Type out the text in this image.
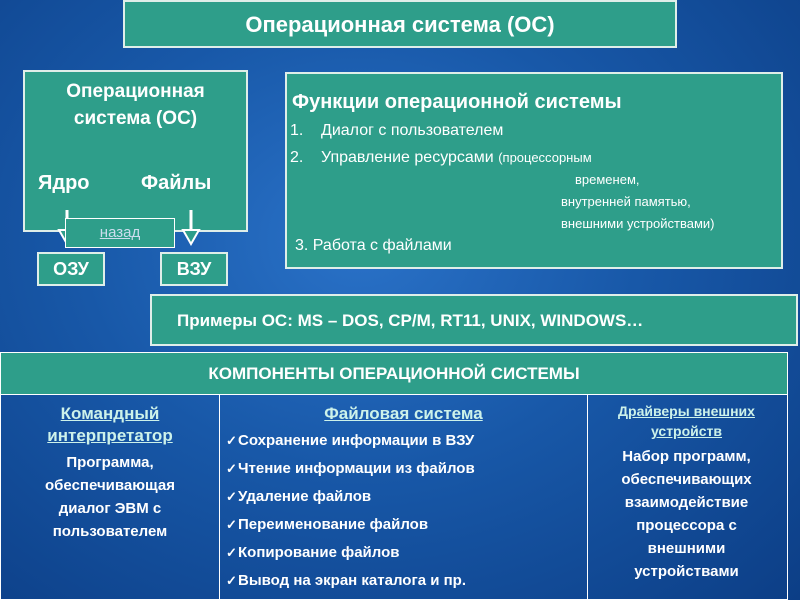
Операционная система (ОС)
Операционная
система (ОС)
Ядро	Файлы
ОЗУ	ВЗУ
Функции операционной системы
1. Диалог с пользователем
2. Управление ресурсами (процессорным
временем,
внутренней памятью,
внешними устройствами)
3. Работа с файлами
Примеры ОС: MS – DOS, CP/M, RT11, UNIX, WINDOWS…
КОМПОНЕНТЫ ОПЕРАЦИОННОЙ СИСТЕМЫ
Командный
интерпретатор
Программа,
обеспечивающая
диалог ЭВМ с
пользователем
Файловая система
✓Сохранение информации в ВЗУ
✓Чтение информации из файлов
✓Удаление файлов
✓Переименование файлов
✓Копирование файлов
✓Вывод на экран каталога и пр.
Драйверы внешних
устройств
Набор программ,
обеспечивающих
взаимодействие
процессора с
внешними
устройствами
назад
